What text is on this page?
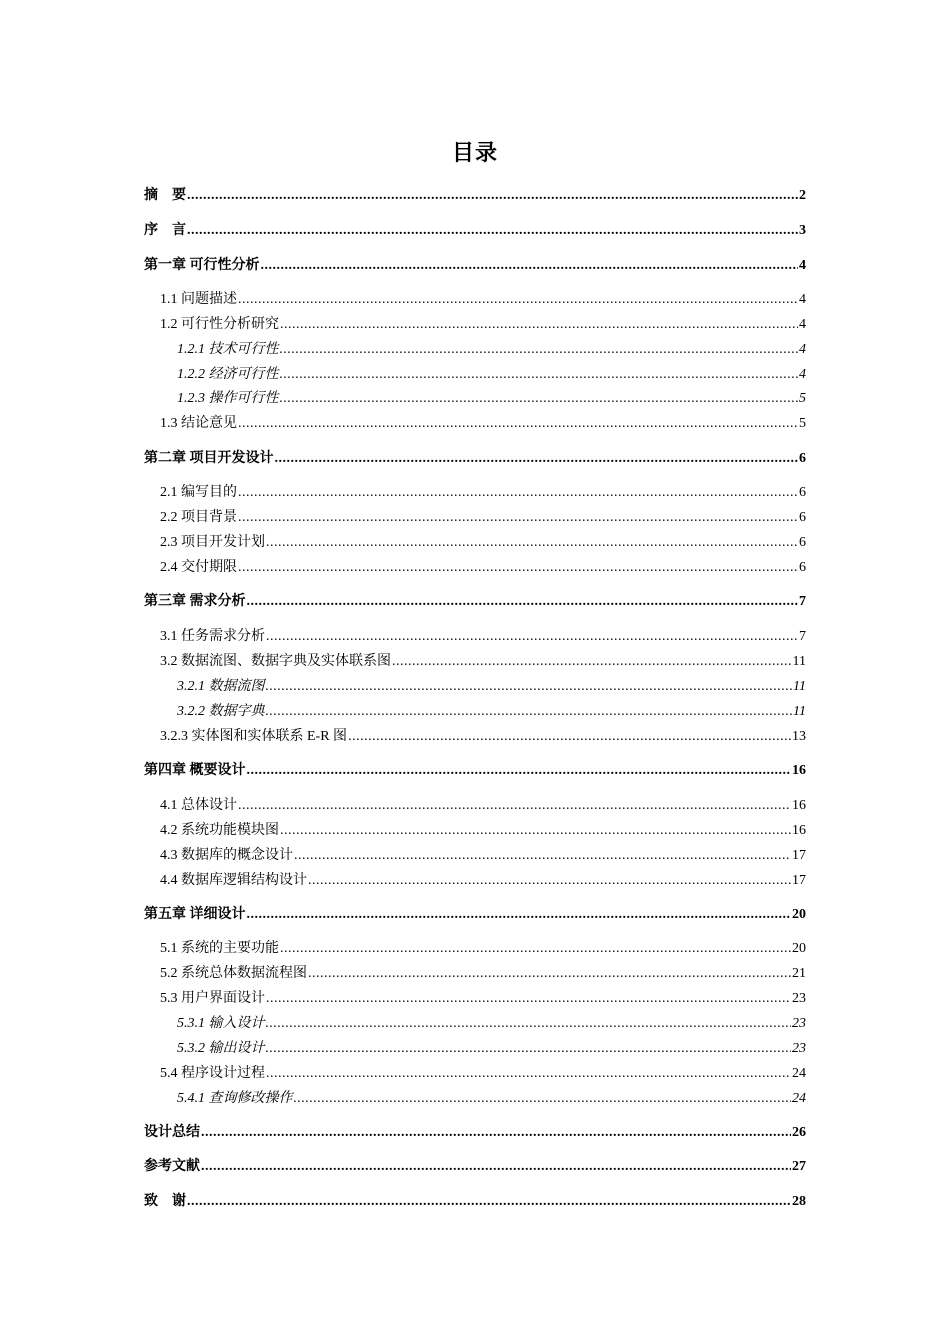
目录
摘　要 .....	2
序　言 .....	3
第一章 可行性分析 .....	4
1.1 问题描述 .....	4
1.2 可行性分析研究 .....	4
1.2.1 技术可行性 .....	4
1.2.2 经济可行性 .....	4
1.2.3 操作可行性 .....	5
1.3 结论意见 .....	5
第二章 项目开发设计 .....	6
2.1 编写目的 .....	6
2.2 项目背景 .....	6
2.3 项目开发计划 .....	6
2.4 交付期限 .....	6
第三章 需求分析 .....	7
3.1 任务需求分析 .....	7
3.2 数据流图、数据字典及实体联系图 .....	11
3.2.1 数据流图 .....	11
3.2.2 数据字典 .....	11
3.2.3 实体图和实体联系 E-R 图 .....	13
第四章 概要设计 .....	16
4.1 总体设计 .....	16
4.2 系统功能模块图 .....	16
4.3 数据库的概念设计 .....	17
4.4 数据库逻辑结构设计 .....	17
第五章 详细设计 .....	20
5.1 系统的主要功能 .....	20
5.2 系统总体数据流程图 .....	21
5.3 用户界面设计 .....	23
5.3.1 输入设计 .....	23
5.3.2 输出设计 .....	23
5.4 程序设计过程 .....	24
5.4.1 查询修改操作 .....	24
设计总结 .....	26
参考文献 .....	27
致　谢 .....	28
